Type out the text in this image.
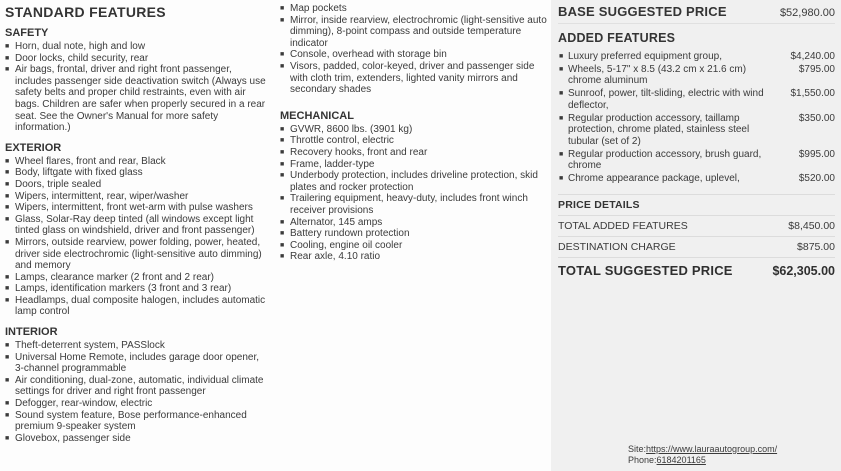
STANDARD FEATURES
SAFETY
■ Horn, dual note, high and low
■ Door locks, child security, rear
■ Air bags, frontal, driver and right front passenger, includes passenger side deactivation switch (Always use safety belts and proper child restraints, even with air bags. Children are safer when properly secured in a rear seat. See the Owner's Manual for more safety information.)
EXTERIOR
■ Wheel flares, front and rear, Black
■ Body, liftgate with fixed glass
■ Doors, triple sealed
■ Wipers, intermittent, rear, wiper/washer
■ Wipers, intermittent, front wet-arm with pulse washers
■ Glass, Solar-Ray deep tinted (all windows except light tinted glass on windshield, driver and front passenger)
■ Mirrors, outside rearview, power folding, power, heated, driver side electrochromic (light-sensitive auto dimming) and memory
■ Lamps, clearance marker (2 front and 2 rear)
■ Lamps, identification markers (3 front and 3 rear)
■ Headlamps, dual composite halogen, includes automatic lamp control
INTERIOR
■ Theft-deterrent system, PASSlock
■ Universal Home Remote, includes garage door opener, 3-channel programmable
■ Air conditioning, dual-zone, automatic, individual climate settings for driver and right front passenger
■ Defogger, rear-window, electric
■ Sound system feature, Bose performance-enhanced premium 9-speaker system
■ Glovebox, passenger side
■ Map pockets
■ Mirror, inside rearview, electrochromic (light-sensitive auto dimming), 8-point compass and outside temperature indicator
■ Console, overhead with storage bin
■ Visors, padded, color-keyed, driver and passenger side with cloth trim, extenders, lighted vanity mirrors and secondary shades
MECHANICAL
■ GVWR, 8600 lbs. (3901 kg)
■ Throttle control, electric
■ Recovery hooks, front and rear
■ Frame, ladder-type
■ Underbody protection, includes driveline protection, skid plates and rocker protection
■ Trailering equipment, heavy-duty, includes front winch receiver provisions
■ Alternator, 145 amps
■ Battery rundown protection
■ Cooling, engine oil cooler
■ Rear axle, 4.10 ratio
BASE SUGGESTED PRICE	$52,980.00
ADDED FEATURES
■ Luxury preferred equipment group,	$4,240.00
■ Wheels, 5-17" x 8.5 (43.2 cm x 21.6 cm) chrome aluminum
$795.00
■ Sunroof, power, tilt-sliding, electric with wind deflector,
$1,550.00
■ Regular production accessory, taillamp protection, chrome plated, stainless steel tubular (set of 2)
$350.00
■ Regular production accessory, brush guard, chrome
$995.00
■ Chrome appearance package, uplevel,	$520.00
PRICE DETAILS
TOTAL ADDED FEATURES	$8,450.00
DESTINATION CHARGE	$875.00
TOTAL SUGGESTED PRICE	$62,305.00
Site:https://www.lauraautogroup.com/
Phone:6184201165
